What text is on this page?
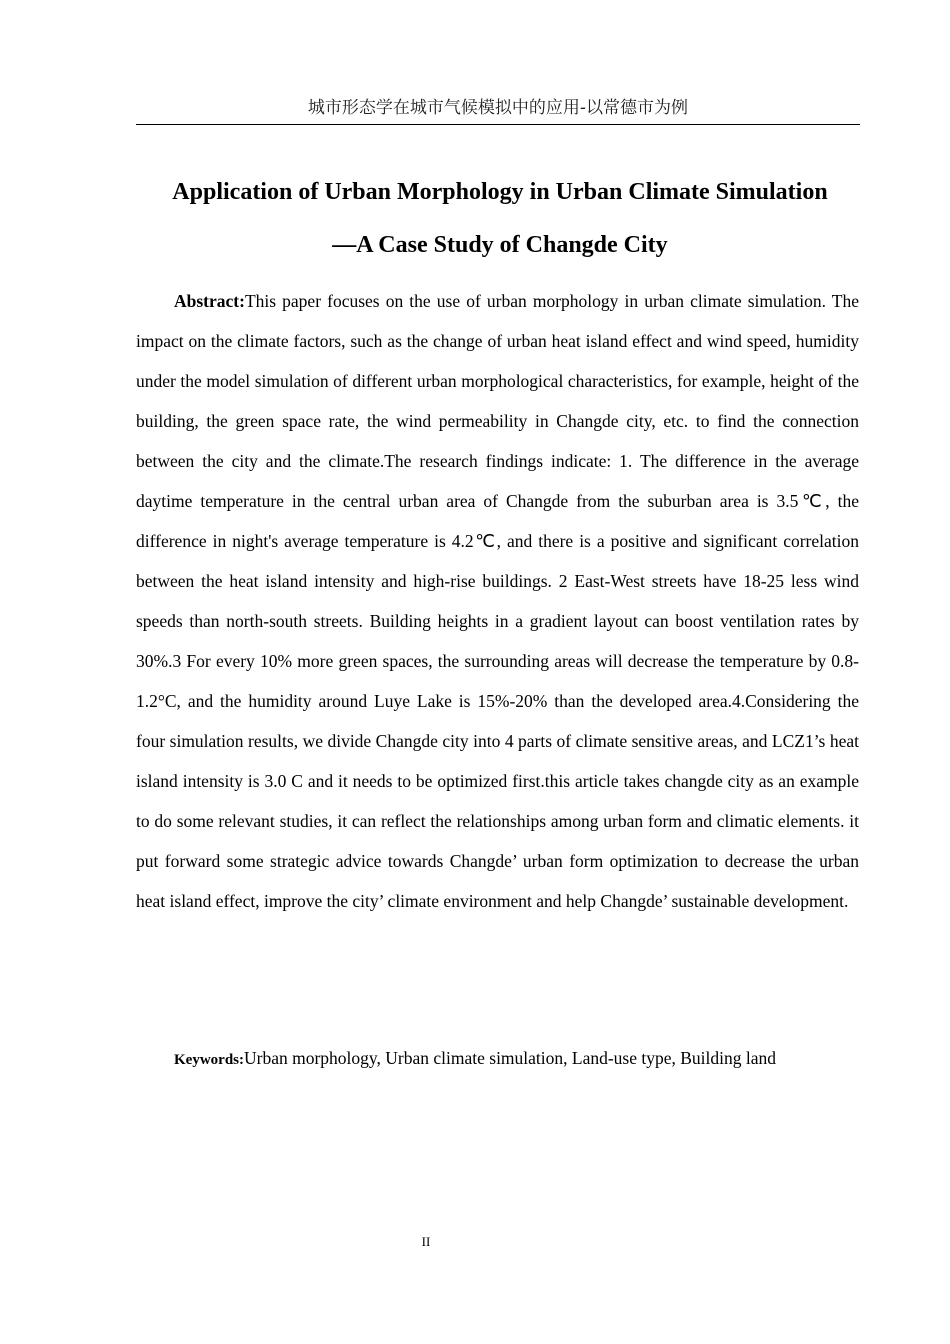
城市形态学在城市气候模拟中的应用-以常德市为例
Application of Urban Morphology in Urban Climate Simulation
—A Case Study of Changde City

Abstract:This paper focuses on the use of urban morphology in urban climate simulation. The impact on the climate factors, such as the change of urban heat island effect and wind speed, humidity under the model simulation of different urban morphological characteristics, for example, height of the building, the green space rate, the wind permeability in Changde city, etc. to find the connection between the city and the climate.The research findings indicate: 1. The difference in the average daytime temperature in the central urban area of Changde from the suburban area is 3.5℃, the difference in night's average temperature is 4.2℃, and there is a positive and significant correlation between the heat island intensity and high-rise buildings. 2 East-West streets have 18-25 less wind speeds than north-south streets. Building heights in a gradient layout can boost ventilation rates by 30%.3 For every 10% more green spaces, the surrounding areas will decrease the temperature by 0.8-1.2°C, and the humidity around Luye Lake is 15%-20% than the developed area.4.Considering the four simulation results, we divide Changde city into 4 parts of climate sensitive areas, and LCZ1’s heat island intensity is 3.0 C and it needs to be optimized first.this article takes changde city as an example to do some relevant studies, it can reflect the relationships among urban form and climatic elements. it put forward some strategic advice towards Changde’ urban form optimization to decrease the urban heat island effect, improve the city’ climate environment and help Changde’ sustainable development.

Keywords:Urban morphology, Urban climate simulation, Land-use type, Building land

II
